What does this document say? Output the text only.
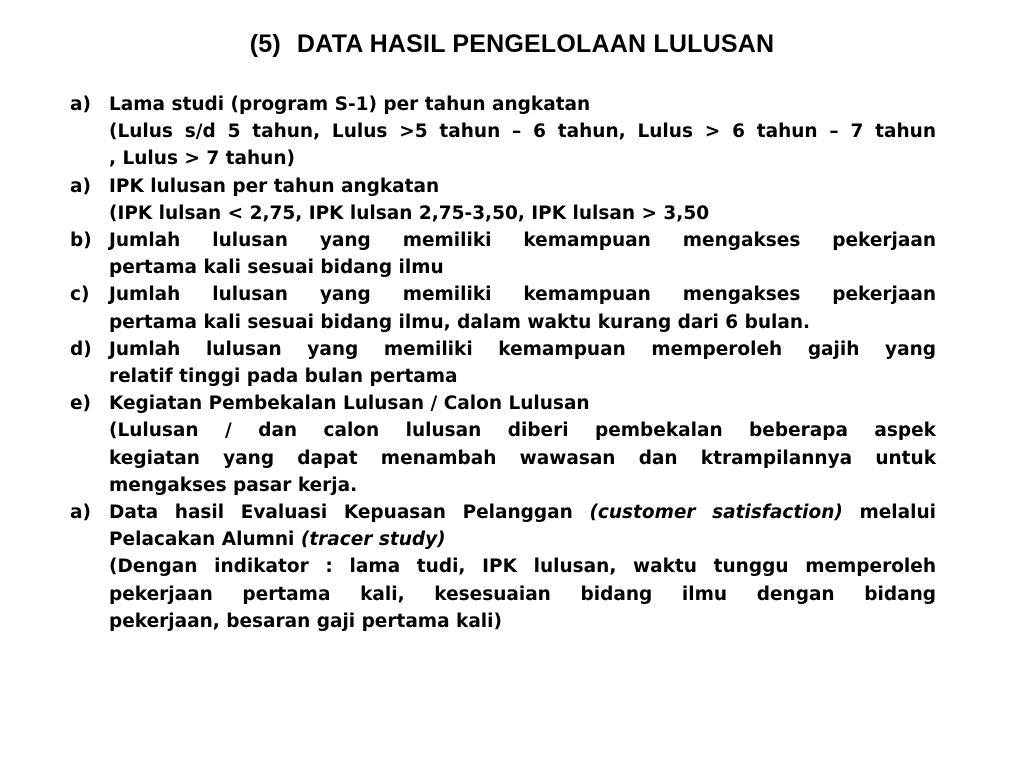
(5) DATA HASIL PENGELOLAAN LULUSAN
a) Lama studi (program S-1) per tahun angkatan
(Lulus s/d 5 tahun, Lulus >5 tahun – 6 tahun, Lulus > 6 tahun – 7 tahun
, Lulus > 7 tahun)
a) IPK lulusan per tahun angkatan
(IPK lulsan < 2,75, IPK lulsan 2,75-3,50, IPK lulsan > 3,50
b) Jumlah lulusan yang memiliki kemampuan mengakses pekerjaan
pertama kali sesuai bidang ilmu
c) Jumlah lulusan yang memiliki kemampuan mengakses pekerjaan
pertama kali sesuai bidang ilmu, dalam waktu kurang dari 6 bulan.
d) Jumlah lulusan yang memiliki kemampuan memperoleh gajih yang
relatif tinggi pada bulan pertama
e) Kegiatan Pembekalan Lulusan / Calon Lulusan
(Lulusan / dan calon lulusan diberi pembekalan beberapa aspek
kegiatan yang dapat menambah wawasan dan ktrampilannya untuk
mengakses pasar kerja.
a) Data hasil Evaluasi Kepuasan Pelanggan (customer satisfaction) melalui
Pelacakan Alumni (tracer study)
(Dengan indikator : lama tudi, IPK lulusan, waktu tunggu memperoleh
pekerjaan pertama kali, kesesuaian bidang ilmu dengan bidang
pekerjaan, besaran gaji pertama kali)
